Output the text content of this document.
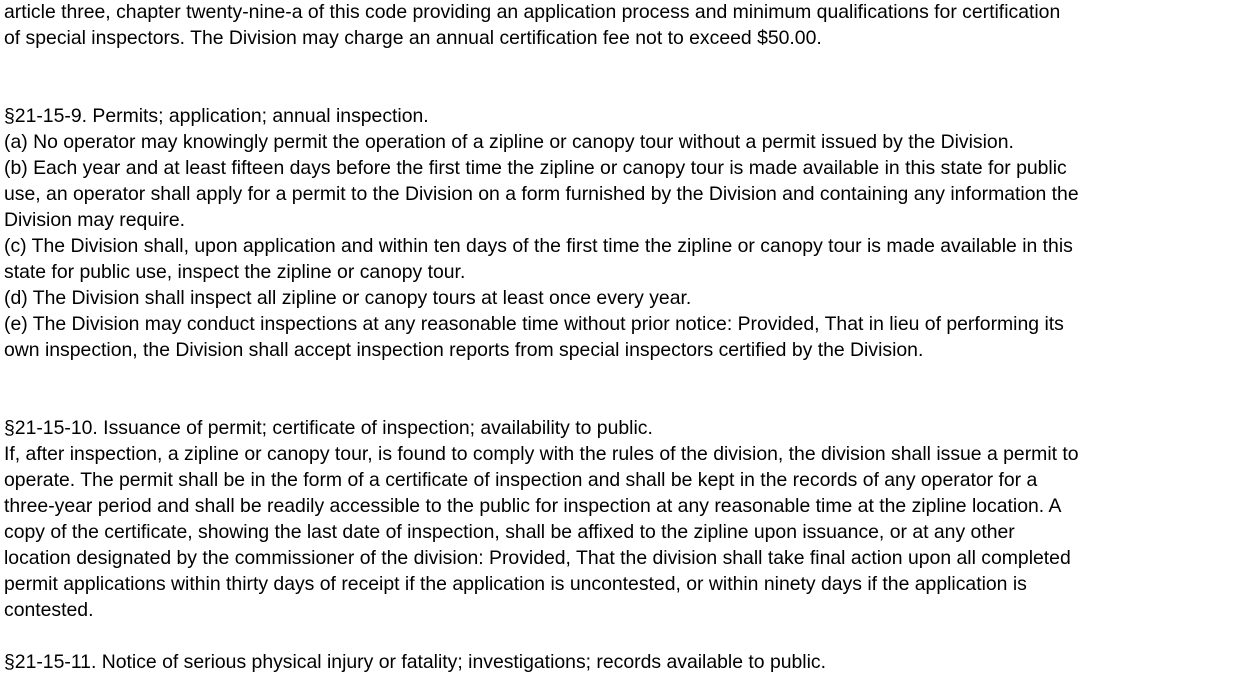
article three, chapter twenty-nine-a of this code providing an application process and minimum qualifications for certification
of special inspectors. The Division may charge an annual certification fee not to exceed $50.00.
§21-15-9. Permits; application; annual inspection.
(a) No operator may knowingly permit the operation of a zipline or canopy tour without a permit issued by the Division.
(b) Each year and at least fifteen days before the first time the zipline or canopy tour is made available in this state for public
use, an operator shall apply for a permit to the Division on a form furnished by the Division and containing any information the
Division may require.
(c) The Division shall, upon application and within ten days of the first time the zipline or canopy tour is made available in this
state for public use, inspect the zipline or canopy tour.
(d) The Division shall inspect all zipline or canopy tours at least once every year.
(e) The Division may conduct inspections at any reasonable time without prior notice: Provided, That in lieu of performing its
own inspection, the Division shall accept inspection reports from special inspectors certified by the Division.
§21-15-10. Issuance of permit; certificate of inspection; availability to public.
If, after inspection, a zipline or canopy tour, is found to comply with the rules of the division, the division shall issue a permit to
operate. The permit shall be in the form of a certificate of inspection and shall be kept in the records of any operator for a
three-year period and shall be readily accessible to the public for inspection at any reasonable time at the zipline location. A
copy of the certificate, showing the last date of inspection, shall be affixed to the zipline upon issuance, or at any other
location designated by the commissioner of the division: Provided, That the division shall take final action upon all completed
permit applications within thirty days of receipt if the application is uncontested, or within ninety days if the application is
contested.
§21-15-11. Notice of serious physical injury or fatality; investigations; records available to public.
